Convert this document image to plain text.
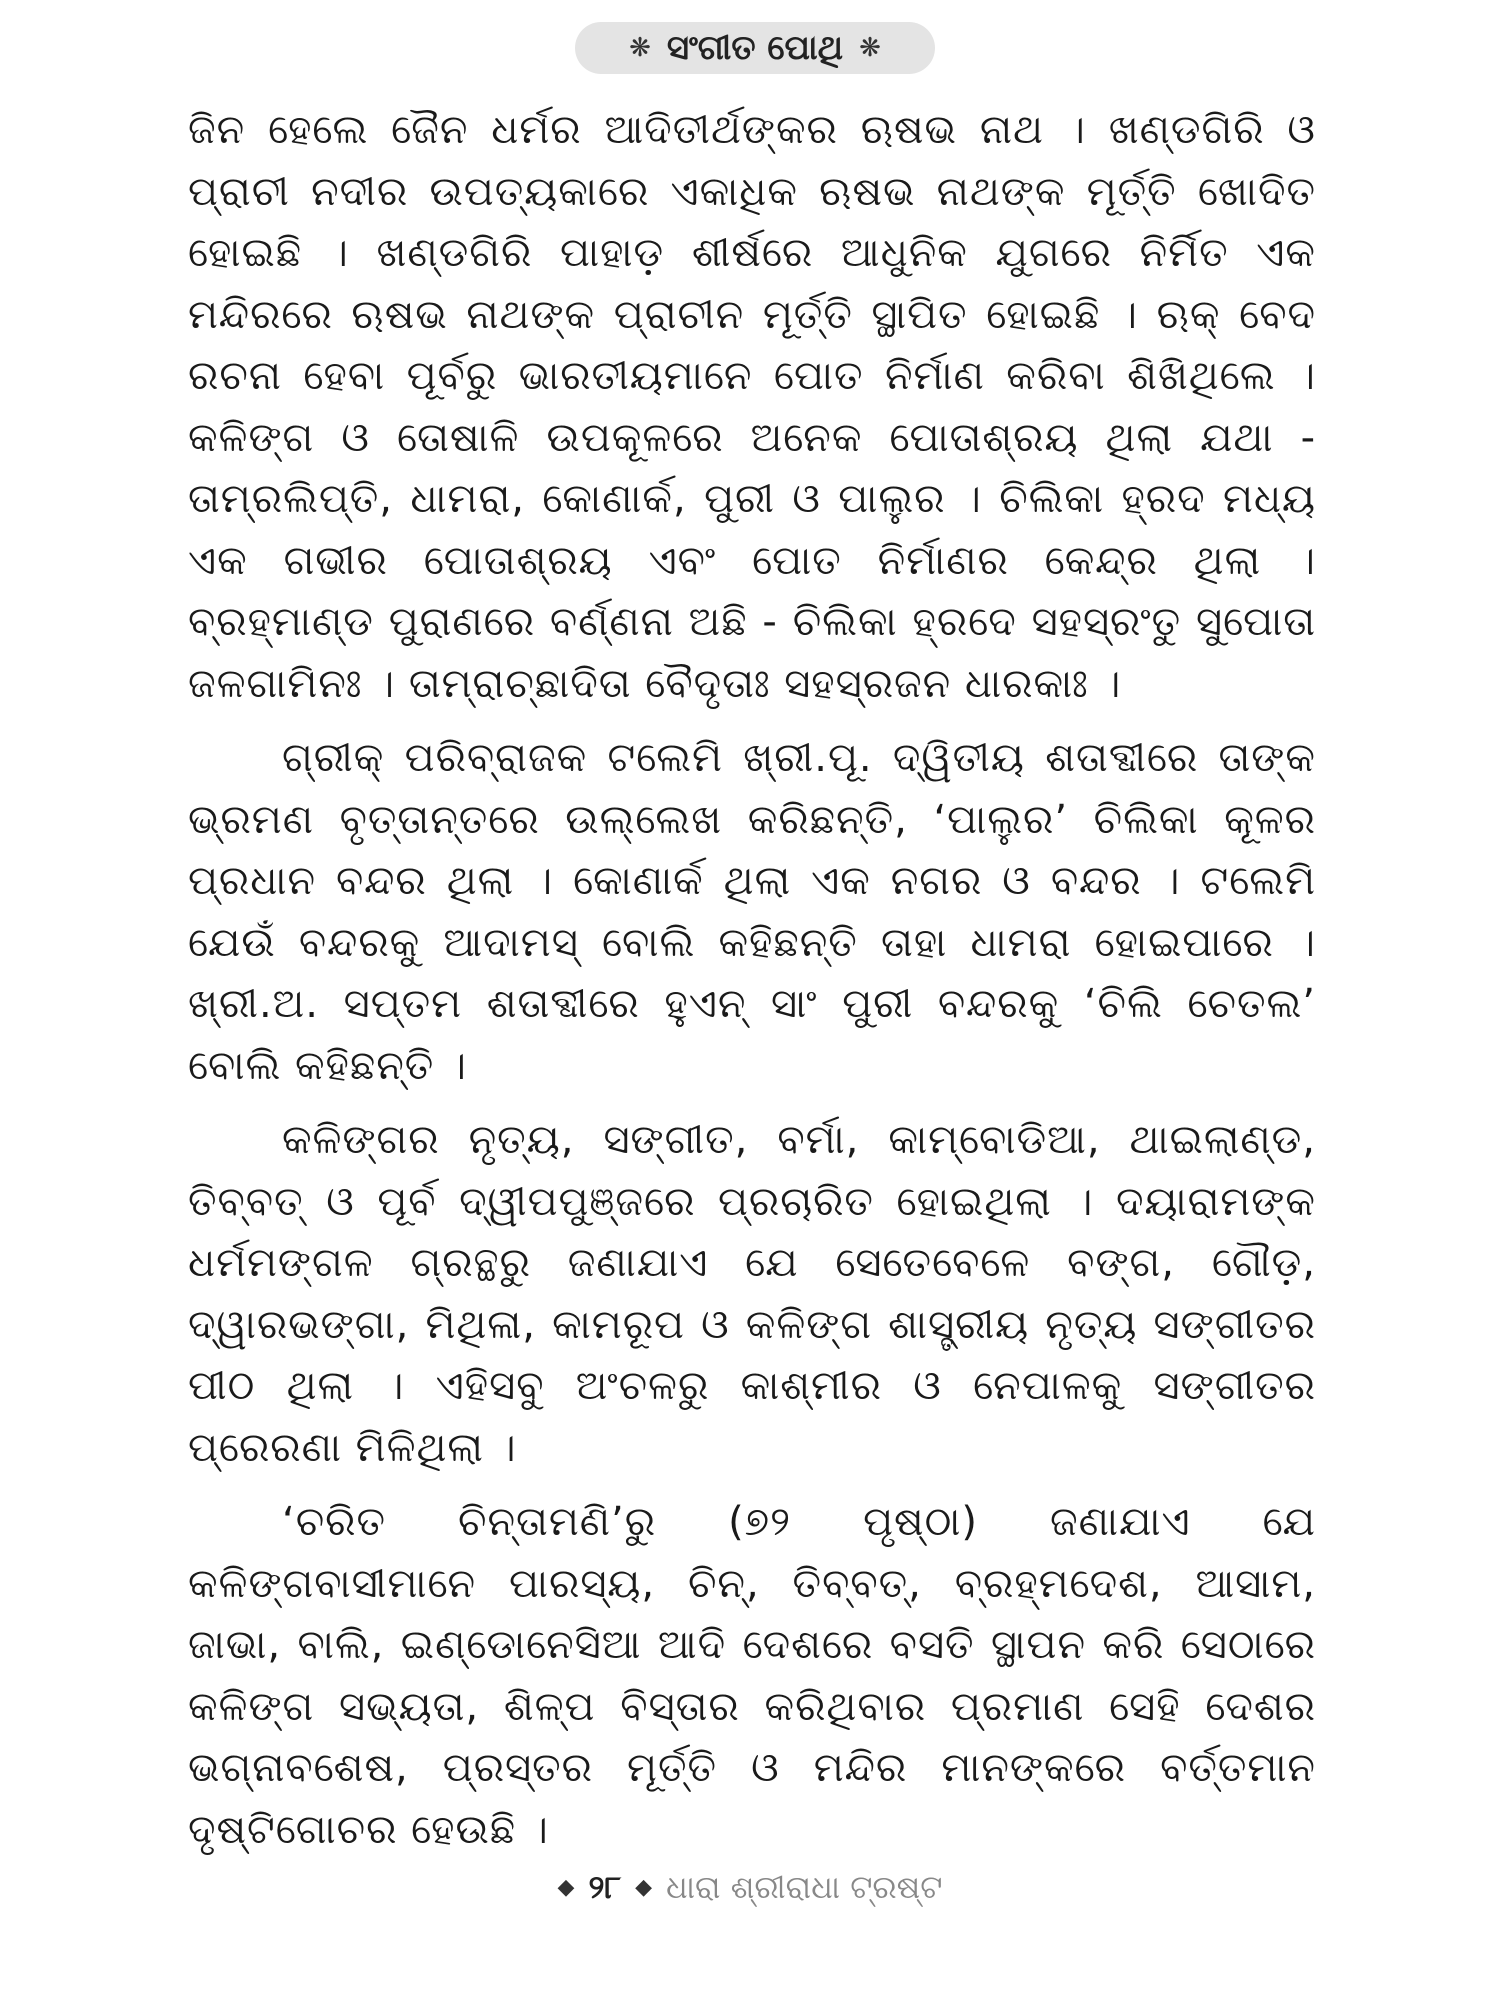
❋ ସଂଗୀତ ପୋଥି ❋

ଜିନ ହେଲେ ଜୈନ ଧର୍ମର ଆଦିତୀର୍ଥଙ୍କର ଋଷଭ ନାଥ । ଖଣ୍ଡଗିରି ଓ ପ୍ରାଚୀ ନଦୀର ଉପତ୍ୟକାରେ ଏକାଧିକ ଋଷଭ ନାଥଙ୍କ ମୂର୍ତ୍ତି ଖୋଦିତ ହୋଇଛି । ଖଣ୍ଡଗିରି ପାହାଡ଼ ଶୀର୍ଷରେ ଆଧୁନିକ ଯୁଗରେ ନିର୍ମିତ ଏକ ମନ୍ଦିରରେ ଋଷଭ ନାଥଙ୍କ ପ୍ରାଚୀନ ମୂର୍ତ୍ତି ସ୍ଥାପିତ ହୋଇଛି । ଋକ୍ ବେଦ ରଚନା ହେବା ପୂର୍ବରୁ ଭାରତୀୟମାନେ ପୋତ ନିର୍ମାଣ କରିବା ଶିଖିଥିଲେ । କଳିଙ୍ଗ ଓ ତୋଷାଳି ଉପକୂଳରେ ଅନେକ ପୋତାଶ୍ରୟ ଥିଲା ଯଥା - ତାମ୍ରଲିପ୍ତି, ଧାମରା, କୋଣାର୍କ, ପୁରୀ ଓ ପାଲୁର । ଚିଲିକା ହ୍ରଦ ମଧ୍ୟ ଏକ ଗଭୀର ପୋତାଶ୍ରୟ ଏବଂ ପୋତ ନିର୍ମାଣର କେନ୍ଦ୍ର ଥିଲା । ବ୍ରହ୍ମାଣ୍ଡ ପୁରାଣରେ ବର୍ଣ୍ଣନା ଅଛି - ଚିଲିକା ହ୍ରଦେ ସହସ୍ରଂତୁ ସୁପୋତା ଜଳଗାମିନଃ । ତାମ୍ରାଚ୍ଛାଦିତା ବୈଦୃତାଃ ସହସ୍ରଜନ ଧାରକାଃ ।

ଗ୍ରୀକ୍ ପରିବ୍ରାଜକ ଟଲେମି ଖ୍ରୀ.ପୂ. ଦ୍ୱିତୀୟ ଶତାବ୍ଦୀରେ ତାଙ୍କ ଭ୍ରମଣ ବୃତ୍ତାନ୍ତରେ ଉଲ୍ଲେଖ କରିଛନ୍ତି, ‘ପାଲୁର’ ଚିଲିକା କୂଳର ପ୍ରଧାନ ବନ୍ଦର ଥିଲା । କୋଣାର୍କ ଥିଲା ଏକ ନଗର ଓ ବନ୍ଦର । ଟଲେମି ଯେଉଁ ବନ୍ଦରକୁ ଆଦାମସ୍ ବୋଲି କହିଛନ୍ତି ତାହା ଧାମରା ହୋଇପାରେ । ଖ୍ରୀ.ଅ. ସପ୍ତମ ଶତାବ୍ଦୀରେ ହୁଏନ୍ ସାଂ ପୁରୀ ବନ୍ଦରକୁ ‘ଚିଲି ଚେତଲ’ ବୋଲି କହିଛନ୍ତି ।

କଳିଙ୍ଗର ନୃତ୍ୟ, ସଙ୍ଗୀତ, ବର୍ମା, କାମ୍ବୋଡିଆ, ଥାଇଲାଣ୍ଡ, ତିବ୍ବତ୍ ଓ ପୂର୍ବ ଦ୍ୱୀପପୁଞ୍ଜରେ ପ୍ରଚାରିତ ହୋଇଥିଲା । ଦୟାରାମଙ୍କ ଧର୍ମମଙ୍ଗଳ ଗ୍ରନ୍ଥରୁ ଜଣାଯାଏ ଯେ ସେତେବେଳେ ବଙ୍ଗ, ଗୌଡ଼, ଦ୍ୱାରଭଙ୍ଗା, ମିଥିଳା, କାମରୂପ ଓ କଳିଙ୍ଗ ଶାସ୍ତ୍ରୀୟ ନୃତ୍ୟ ସଙ୍ଗୀତର ପୀଠ ଥିଲା । ଏହିସବୁ ଅଂଚଳରୁ କାଶ୍ମୀର ଓ ନେପାଳକୁ ସଙ୍ଗୀତର ପ୍ରେରଣା ମିଳିଥିଲା ।

‘ଚରିତ ଚିନ୍ତାମଣି’ରୁ (୭୨ ପୃଷ୍ଠା) ଜଣାଯାଏ ଯେ କଳିଙ୍ଗବାସୀମାନେ ପାରସ୍ୟ, ଚିନ୍, ତିବ୍ବତ୍, ବ୍ରହ୍ମଦେଶ, ଆସାମ, ଜାଭା, ବାଲି, ଇଣ୍ଡୋନେସିଆ ଆଦି ଦେଶରେ ବସତି ସ୍ଥାପନ କରି ସେଠାରେ କଳିଙ୍ଗ ସଭ୍ୟତା, ଶିଳ୍ପ ବିସ୍ତାର କରିଥିବାର ପ୍ରମାଣ ସେହି ଦେଶର ଭଗ୍ନାବଶେଷ, ପ୍ରସ୍ତର ମୂର୍ତ୍ତି ଓ ମନ୍ଦିର ମାନଙ୍କରେ ବର୍ତ୍ତମାନ ଦୃଷ୍ଟିଗୋଚର ହେଉଛି ।

◆ ୨୮ ◆ ଧାରା ଶ୍ରୀରାଧା ଟ୍ରଷ୍ଟ
